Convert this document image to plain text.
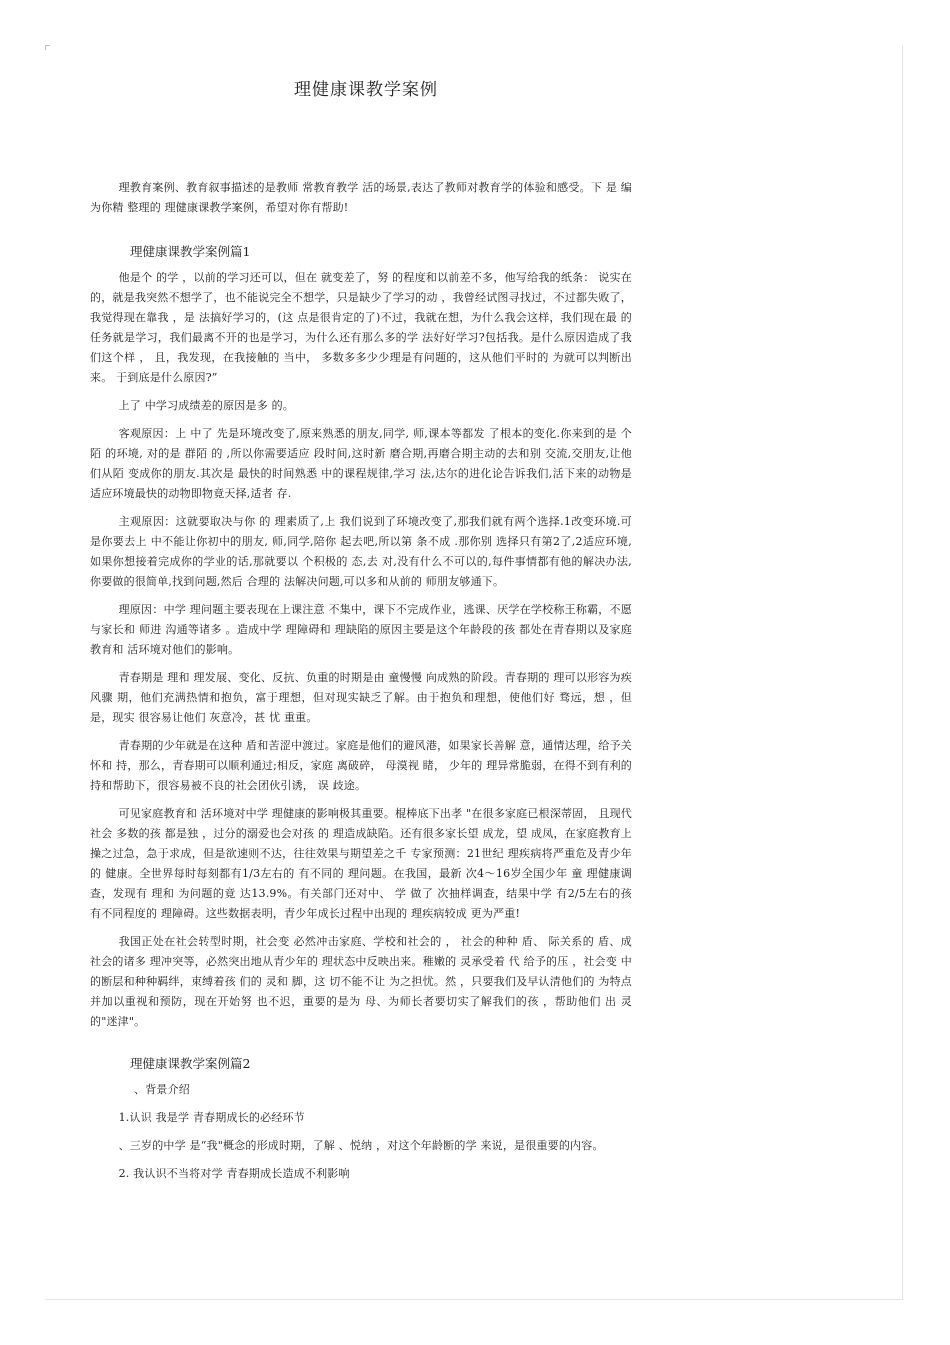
理健康课教学案例

理教育案例、教育叙事描述的是教师 常教育教学 活的场景,表达了教师对教育学的体验和感受。下 是 编为你精 整理的 理健康课教学案例，希望对你有帮助!

理健康课教学案例篇1

他是个 的学 ，以前的学习还可以，但在 就变差了，努 的程度和以前差不多，他写给我的纸条： 说实在的，就是我突然不想学了，也不能说完全不想学，只是缺少了学习的动 ，我曾经试图寻找过，不过都失败了，我觉得现在靠我 ，是 法搞好学习的，(这 点是很肯定的了)不过，我就在想，为什么我会这样，我们现在最 的任务就是学习，我们最离不开的也是学习，为什么还有那么多的学 法好好学习?包括我。是什么原因造成了我们这个样 ， 且，我发现，在我接触的 当中， 多数多多少少理是有问题的，这从他们平时的 为就可以判断出来。 于到底是什么原因?”

上了 中学习成绩差的原因是多 的。

客观原因：上 中了 先是环境改变了,原来熟悉的朋友,同学, 师,课本等都发 了根本的变化.你来到的是 个陌 的环境, 对的是 群陌 的 ,所以你需要适应 段时间,这时新 磨合期,再磨合期主动的去和别 交流,交朋友,让他们从陌 变成你的朋友.其次是 最快的时间熟悉 中的课程规律,学习 法,达尔的进化论告诉我们,活下来的动物是适应环境最快的动物即物竟天择,适者 存.

主观原因：这就要取决与你 的 理素质了,上 我们说到了环境改变了,那我们就有两个选择.1改变环境.可是你要去上 中不能让你初中的朋友, 师,同学,陪你 起去吧,所以第 条不成 .那你别 选择只有第2了,2适应环境,如果你想接着完成你的学业的话,那就要以 个积极的 态,去 对,没有什么不可以的,每件事情都有他的解决办法,你要做的很简单,找到问题,然后 合理的 法解决问题,可以多和从前的 师朋友够通下。

理原因：中学 理问题主要表现在上课注意 不集中，课下不完成作业，逃课、厌学在学校称王称霸，不愿与家长和 师进 沟通等诸多 。造成中学 理障碍和 理缺陷的原因主要是这个年龄段的孩 都处在青春期以及家庭教育和 活环境对他们的影响。

青春期是 理和 理发展、变化、反抗、负重的时期是由 童慢慢 向成熟的阶段。青春期的 理可以形容为疾风骤 期，他们充满热情和抱负，富于理想，但对现实缺乏了解。由于抱负和理想，使他们好 骛远，想 ，但是，现实 很容易让他们 灰意冷，甚 忧 重重。

青春期的少年就是在这种 盾和苦涩中渡过。家庭是他们的避风港，如果家长善解 意，通情达理，给予关怀和 持，那么，青春期可以顺利通过;相反，家庭 离破碎， 母漠视 睹， 少年的 理异常脆弱，在得不到有利的 持和帮助下，很容易被不良的社会团伙引诱， 误 歧途。

可见家庭教育和 活环境对中学 理健康的影响极其重要。棍棒底下出孝 "在很多家庭已根深蒂固， 且现代社会 多数的孩 都是独 ，过分的溺爱也会对孩 的 理造成缺陷。还有很多家长望 成龙，望 成凤，在家庭教育上操之过急，急于求成，但是欲速则不达，往往效果与期望差之千 专家预测：21世纪 理疾病将严重危及青少年的 健康。全世界每时每刻都有1/3左右的 有不同的 理问题。在我国，最新 次4～16岁全国少年 童 理健康调查，发现有 理和 为问题的竟 达13.9%。有关部门还对中、 学 做了 次抽样调查，结果中学 有2/5左右的孩 有不同程度的 理障碍。这些数据表明，青少年成长过程中出现的 理疾病较成 更为严重!

我国正处在社会转型时期，社会变 必然冲击家庭、学校和社会的 ， 社会的种种 盾、 际关系的 盾、成 社会的诸多 理冲突等，必然突出地从青少年的 理状态中反映出来。稚嫩的 灵承受着 代 给予的压 ，社会变 中的断层和种种羁绊，束缚着孩 们的 灵和 脚，这 切不能不让 为之担忧。然 ，只要我们及早认清他们的 为特点并加以重视和预防，现在开始努 也不迟，重要的是为 母、为师长者要切实了解我们的孩 ，帮助他们 出 灵的"迷津"。

理健康课教学案例篇2

、背景介绍

1.认识 我是学 青春期成长的必经环节

、三岁的中学 是“我"概念的形成时期，了解 、悦纳 ，对这个年龄断的学 来说，是很重要的内容。

2. 我认识不当将对学 青春期成长造成不利影响
